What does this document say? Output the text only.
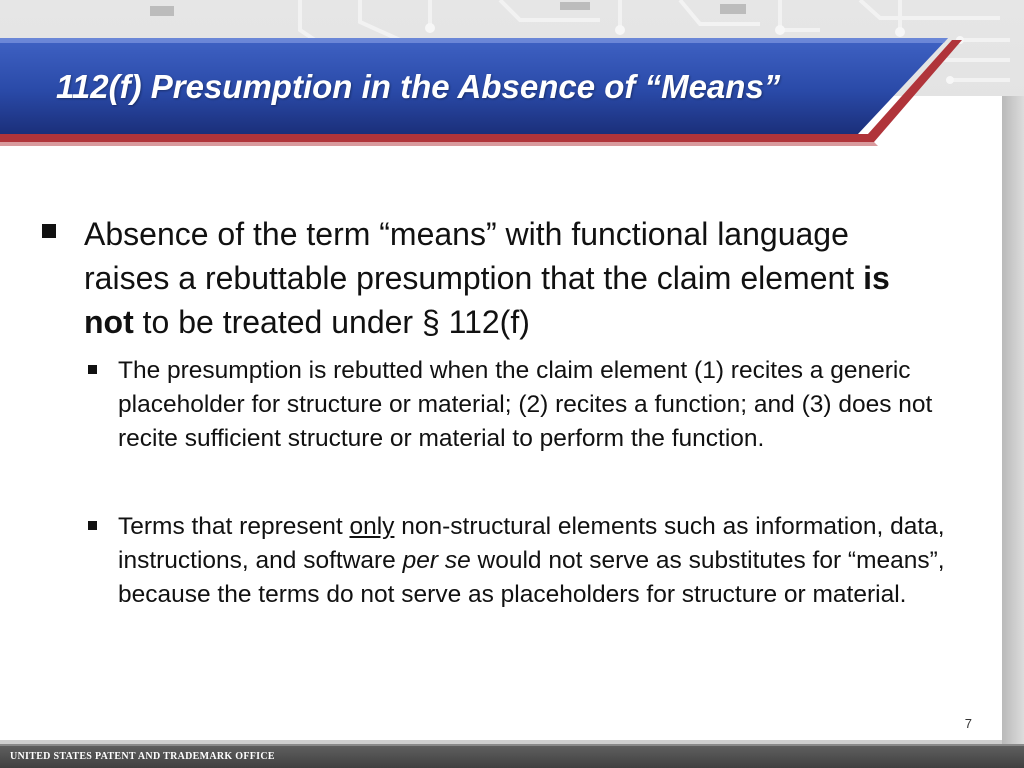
112(f) Presumption in the Absence of “Means”
Absence of the term “means” with functional language raises a rebuttable presumption that the claim element is not to be treated under § 112(f)
The presumption is rebutted when the claim element (1) recites a generic placeholder for structure or material; (2) recites a function; and (3) does not recite sufficient structure or material to perform the function.
Terms that represent only non-structural elements such as information, data, instructions, and software per se would not serve as substitutes for “means”, because the terms do not serve as placeholders for structure or material.
7
UNITED STATES PATENT AND TRADEMARK OFFICE
